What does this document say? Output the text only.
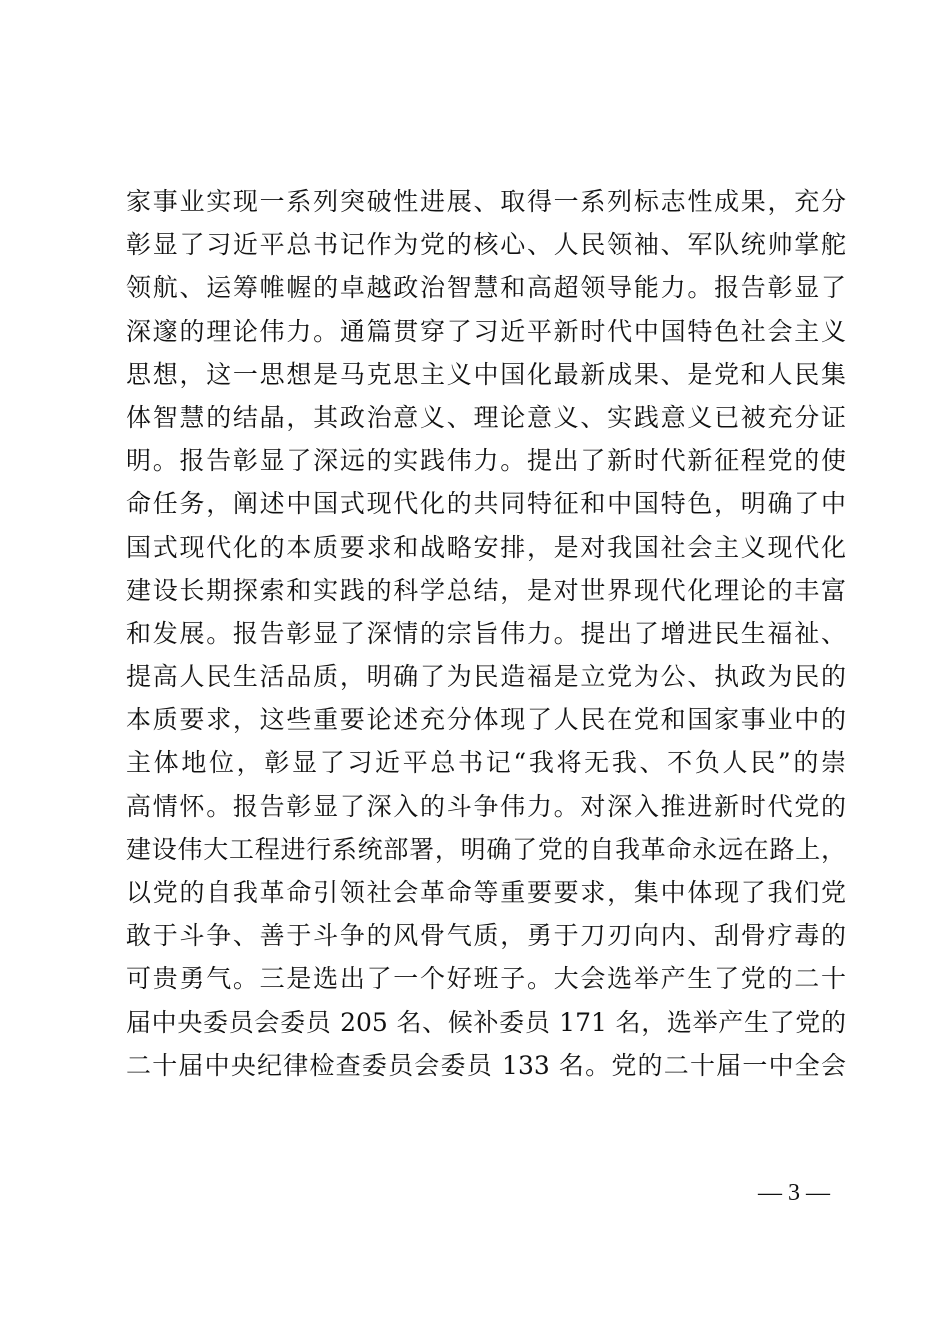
家事业实现一系列突破性进展、取得一系列标志性成果，充分
彰显了习近平总书记作为党的核心、人民领袖、军队统帅掌舵
领航、运筹帷幄的卓越政治智慧和高超领导能力。报告彰显了
深邃的理论伟力。通篇贯穿了习近平新时代中国特色社会主义
思想，这一思想是马克思主义中国化最新成果、是党和人民集
体智慧的结晶，其政治意义、理论意义、实践意义已被充分证
明。报告彰显了深远的实践伟力。提出了新时代新征程党的使
命任务，阐述中国式现代化的共同特征和中国特色，明确了中
国式现代化的本质要求和战略安排，是对我国社会主义现代化
建设长期探索和实践的科学总结，是对世界现代化理论的丰富
和发展。报告彰显了深情的宗旨伟力。提出了增进民生福祉、
提高人民生活品质，明确了为民造福是立党为公、执政为民的
本质要求，这些重要论述充分体现了人民在党和国家事业中的
主体地位，彰显了习近平总书记“我将无我、不负人民”的崇
高情怀。报告彰显了深入的斗争伟力。对深入推进新时代党的
建设伟大工程进行系统部署，明确了党的自我革命永远在路上，
以党的自我革命引领社会革命等重要要求，集中体现了我们党
敢于斗争、善于斗争的风骨气质，勇于刀刃向内、刮骨疗毒的
可贵勇气。三是选出了一个好班子。大会选举产生了党的二十
届中央委员会委员 205 名、候补委员 171 名，选举产生了党的
二十届中央纪律检查委员会委员 133 名。党的二十届一中全会
— 3 —
